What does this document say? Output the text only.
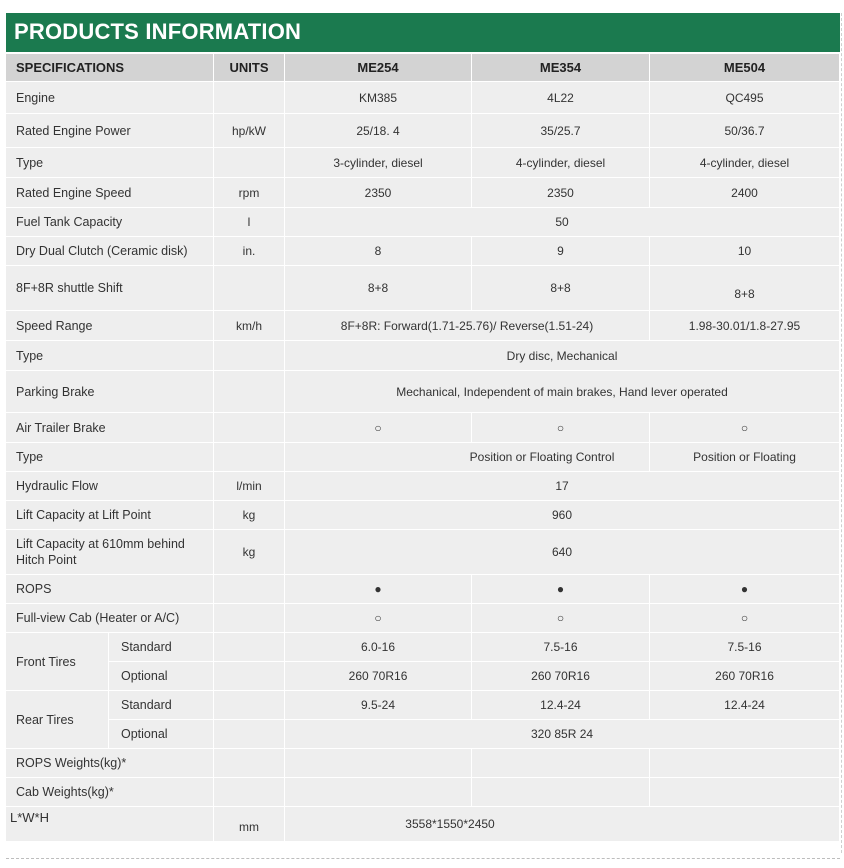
PRODUCTS INFORMATION
SPECIFICATIONS		UNITS	ME254	ME354	ME504
Engine			KM385	4L22	QC495
Rated Engine Power		hp/kW	25/18. 4	35/25.7	50/36.7
Type			3-cylinder, diesel	4-cylinder, diesel	4-cylinder, diesel
Rated Engine Speed		rpm	2350	2350	2400
Fuel Tank Capacity		l	50		
Dry Dual Clutch (Ceramic disk)		in.	8	9	10
8F+8R shuttle Shift			8+8	8+8	8+8
Speed Range		km/h	8F+8R: Forward(1.71-25.76)/ Reverse(1.51-24)		1.98-30.01/1.8-27.95
Type			Dry disc, Mechanical		
Parking Brake			Mechanical, Independent of main brakes, Hand lever operated		
Air Trailer Brake			○	○	○
Type			Position or Floating Control		Position or Floating
Hydraulic Flow		l/min	17		
Lift Capacity at Lift Point		kg	960		
Lift Capacity at 610mm behind Hitch Point		kg	640		
ROPS			●	●	●
Full-view Cab (Heater or A/C)			○	○	○
Front Tires	Standard		6.0-16	7.5-16	7.5-16
	Optional		260 70R16	260 70R16	260 70R16
Rear Tires	Standard		9.5-24	12.4-24	12.4-24
	Optional		320 85R 24		
ROPS Weights(kg)*					
Cab Weights(kg)*					
L*W*H		mm	3558*1550*2450		
